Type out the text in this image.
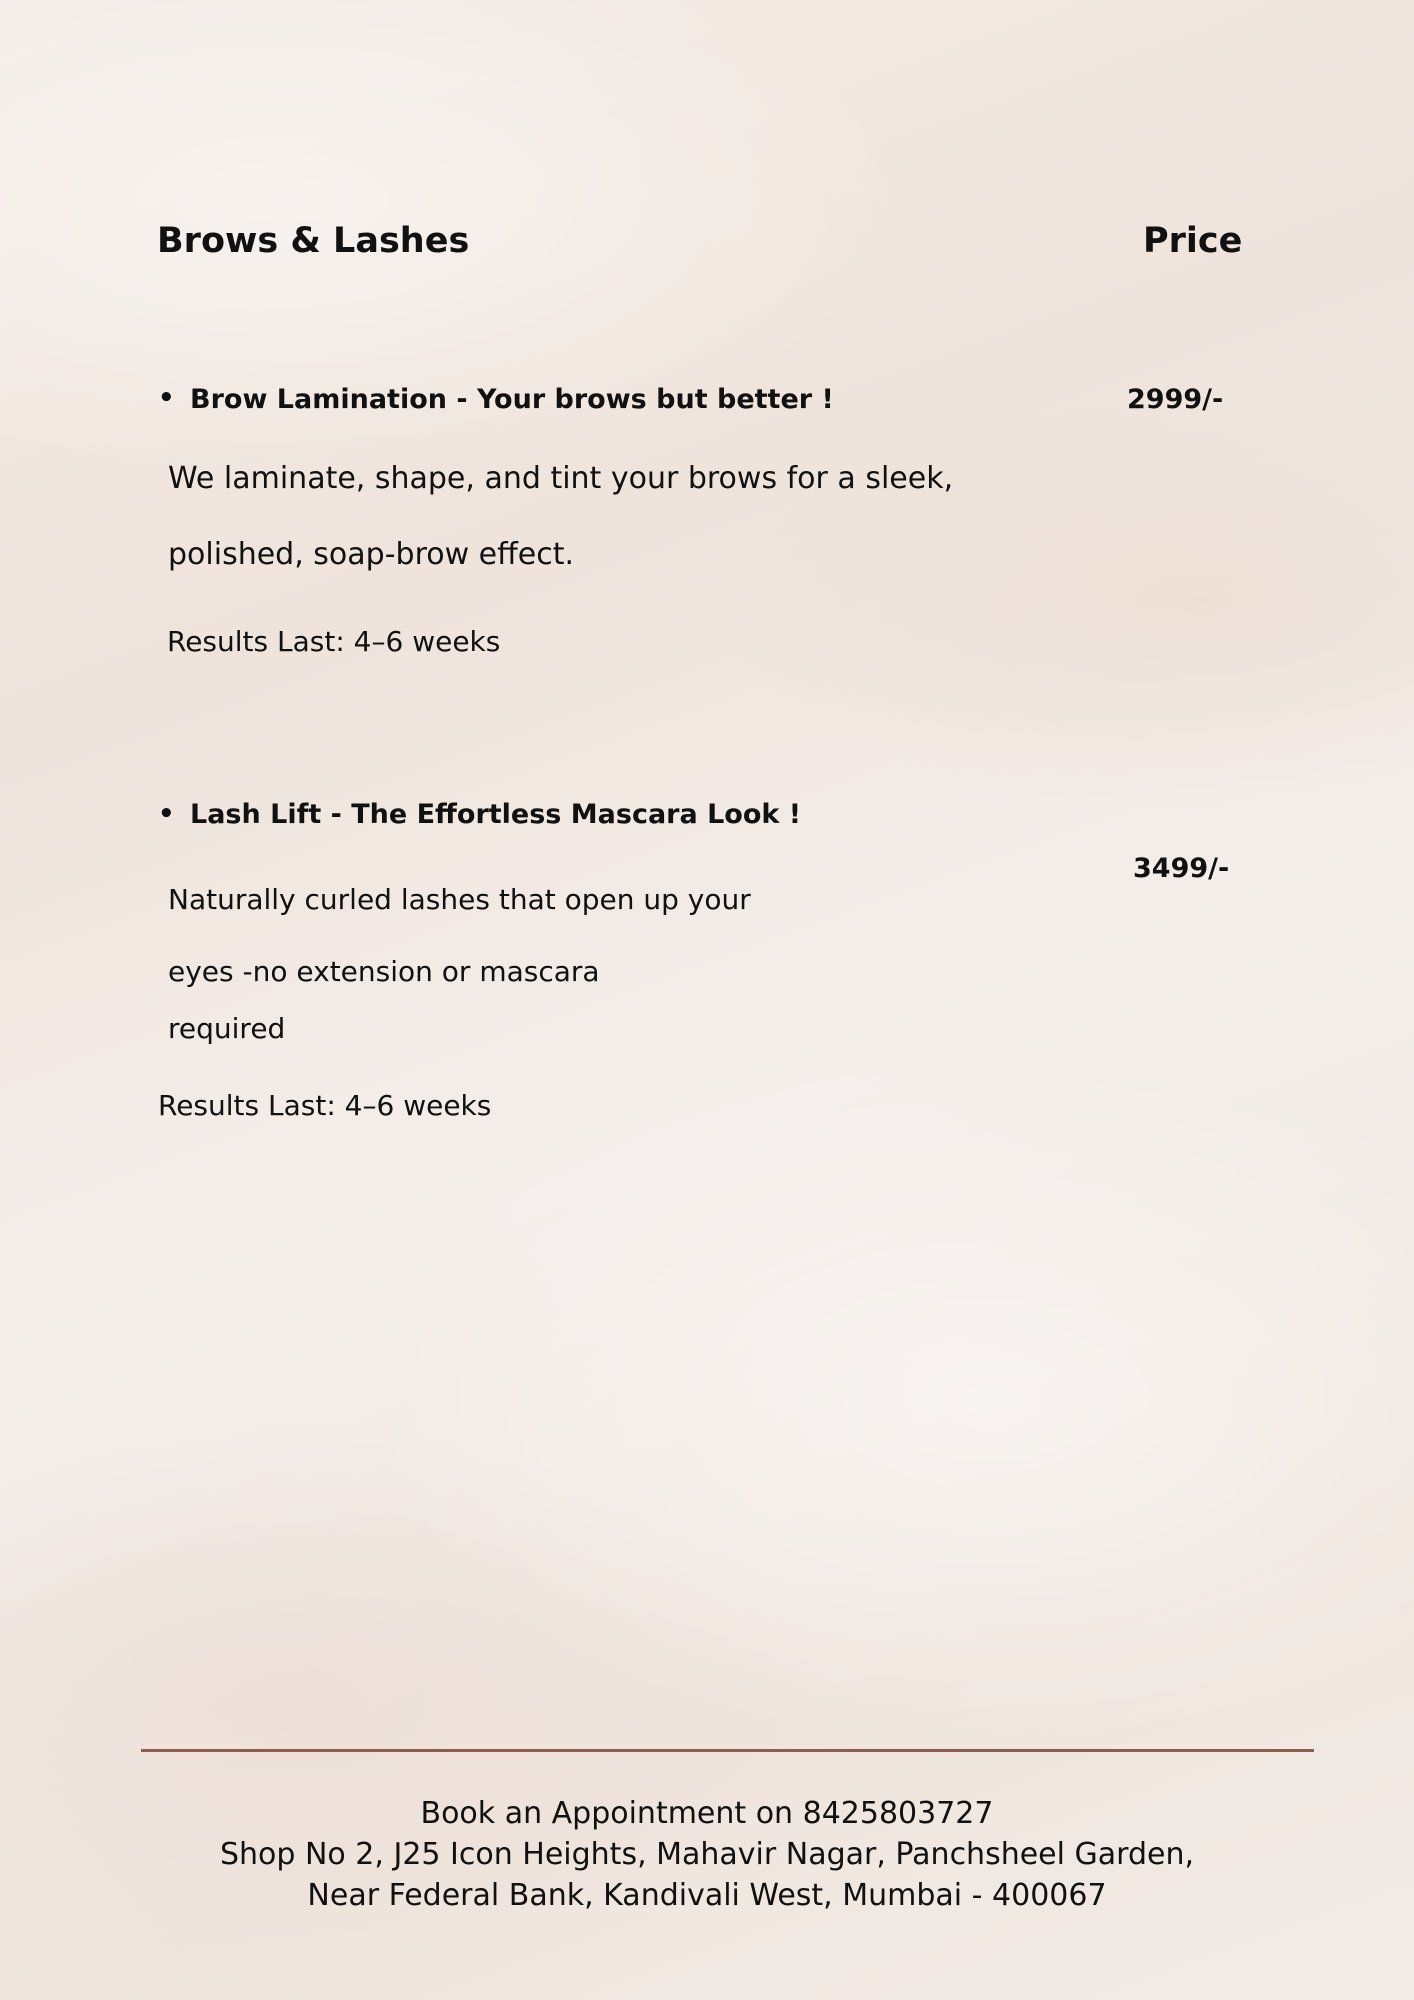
Brows & Lashes	Price
• Brow Lamination - Your brows but better !	2999/-
We laminate, shape, and tint your brows for a sleek,
polished, soap-brow effect.
Results Last: 4–6 weeks
• Lash Lift - The Effortless Mascara Look !
3499/-
Naturally curled lashes that open up your
eyes -no extension or mascara
required
Results Last: 4–6 weeks
Book an Appointment on 8425803727
Shop No 2, J25 Icon Heights, Mahavir Nagar, Panchsheel Garden,
Near Federal Bank, Kandivali West, Mumbai - 400067
